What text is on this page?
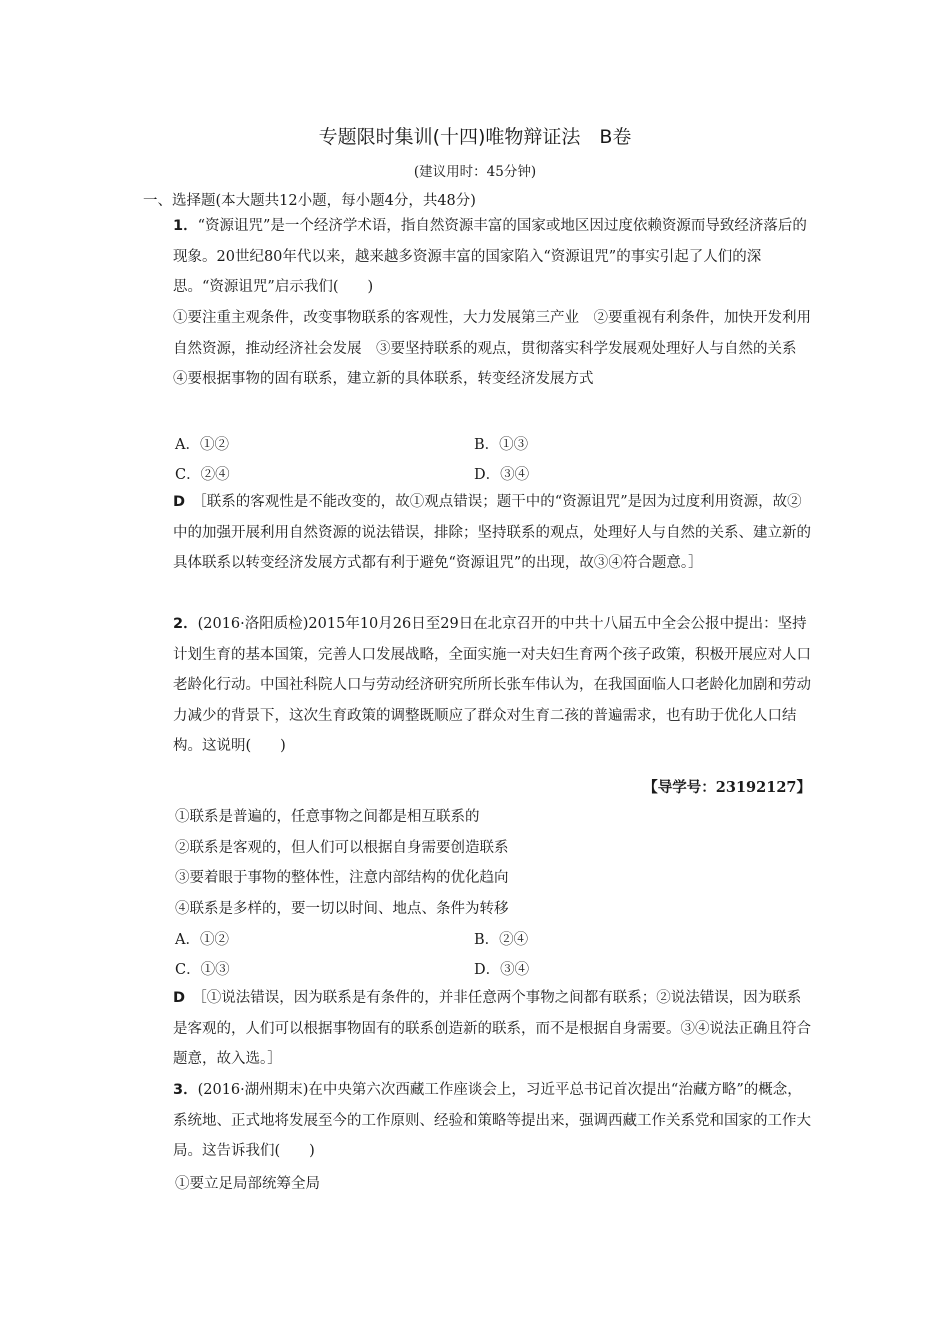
专题限时集训(十四)唯物辩证法　B卷
(建议用时：45分钟)
一、选择题(本大题共12小题，每小题4分，共48分)
1．“资源诅咒”是一个经济学术语，指自然资源丰富的国家或地区因过度依赖资源而导致经济落后的现象。20世纪80年代以来，越来越多资源丰富的国家陷入“资源诅咒”的事实引起了人们的深思。“资源诅咒”启示我们(　　)
①要注重主观条件，改变事物联系的客观性，大力发展第三产业　②要重视有利条件，加快开发利用自然资源，推动经济社会发展　③要坚持联系的观点，贯彻落实科学发展观处理好人与自然的关系　④要根据事物的固有联系，建立新的具体联系，转变经济发展方式
A．①②	B．①③
C．②④	D．③④
D　 ［联系的客观性是不能改变的，故①观点错误；题干中的“资源诅咒”是因为过度利用资源，故②中的加强开展利用自然资源的说法错误，排除；坚持联系的观点，处理好人与自然的关系、建立新的具体联系以转变经济发展方式都有利于避免“资源诅咒”的出现，故③④符合题意。］
2．(2016·洛阳质检)2015年10月26日至29日在北京召开的中共十八届五中全会公报中提出：坚持计划生育的基本国策，完善人口发展战略，全面实施一对夫妇生育两个孩子政策，积极开展应对人口老龄化行动。中国社科院人口与劳动经济研究所所长张车伟认为，在我国面临人口老龄化加剧和劳动力减少的背景下，这次生育政策的调整既顺应了群众对生育二孩的普遍需求，也有助于优化人口结构。这说明(　　)
【导学号：23192127】
①联系是普遍的，任意事物之间都是相互联系的
②联系是客观的，但人们可以根据自身需要创造联系
③要着眼于事物的整体性，注意内部结构的优化趋向
④联系是多样的，要一切以时间、地点、条件为转移
A．①②	B．②④
C．①③	D．③④
D　 ［①说法错误，因为联系是有条件的，并非任意两个事物之间都有联系；②说法错误，因为联系是客观的，人们可以根据事物固有的联系创造新的联系，而不是根据自身需要。③④说法正确且符合题意，故入选。］
3．(2016·湖州期末)在中央第六次西藏工作座谈会上，习近平总书记首次提出“治藏方略”的概念，系统地、正式地将发展至今的工作原则、经验和策略等提出来，强调西藏工作关系党和国家的工作大局。这告诉我们(　　)
①要立足局部统筹全局
